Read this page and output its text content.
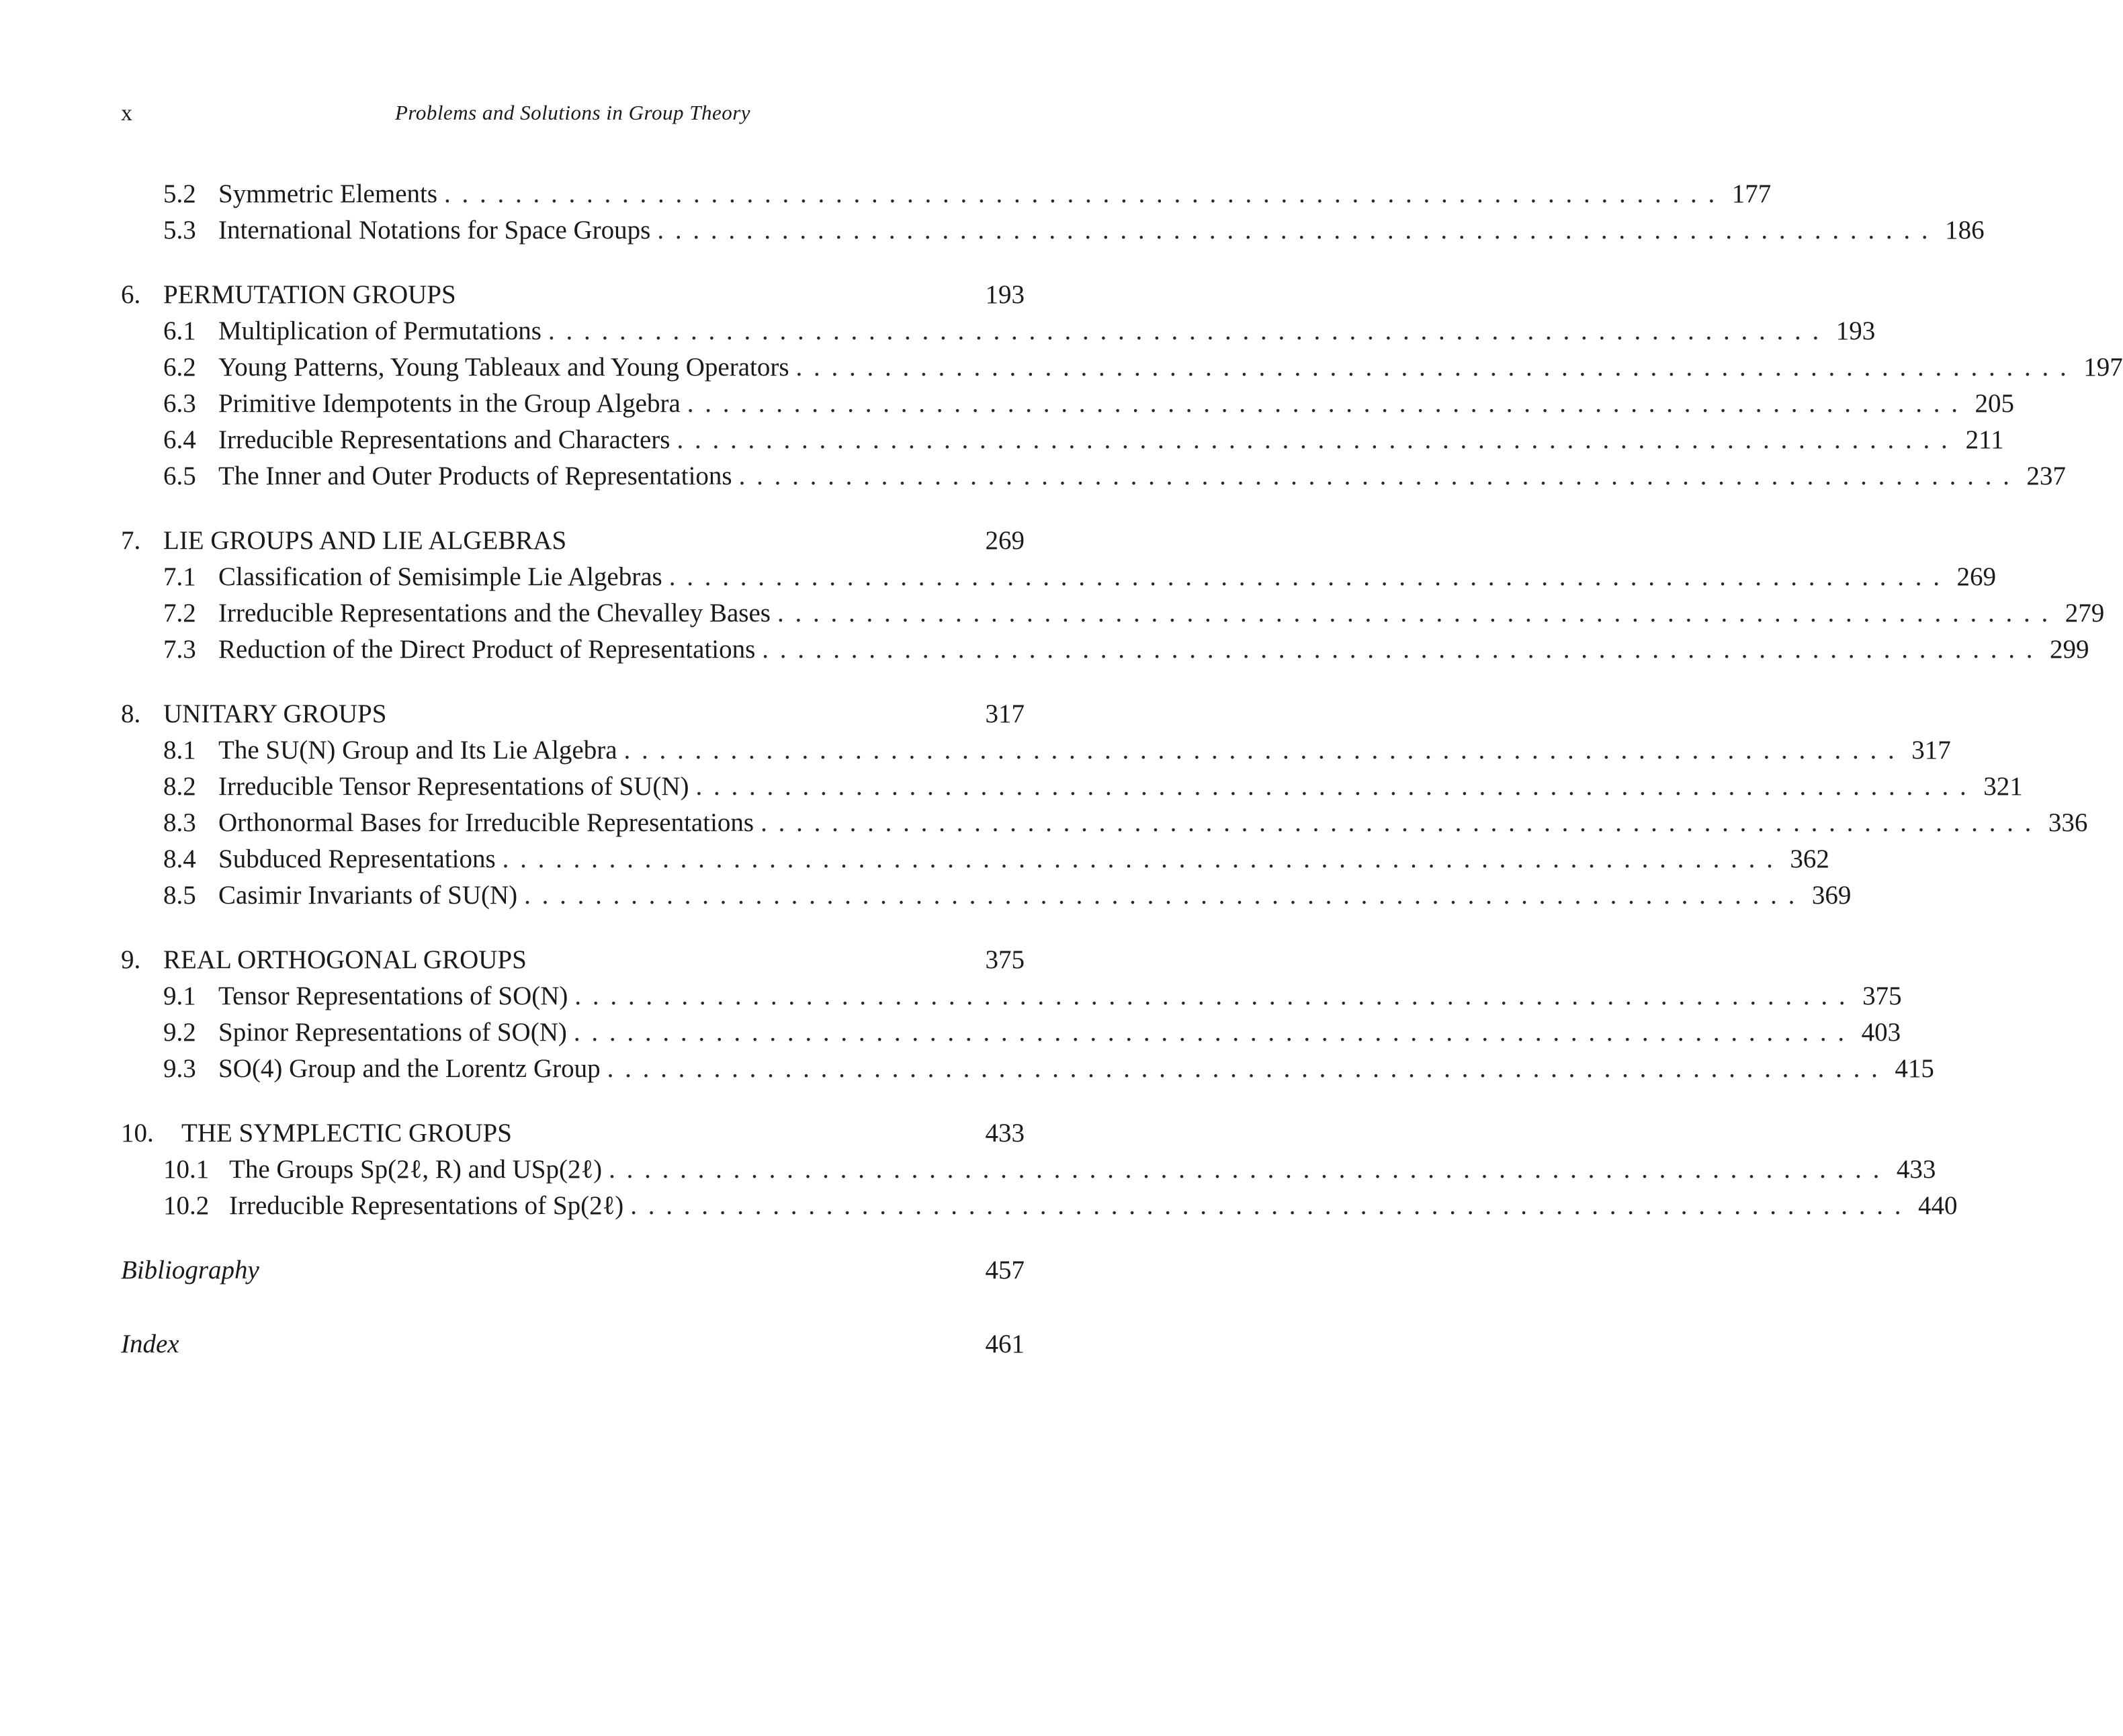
x	Problems and Solutions in Group Theory
5.2 Symmetric Elements . . .	177
5.3 International Notations for Space Groups . . .	186
6. PERMUTATION GROUPS	193
6.1 Multiplication of Permutations . . .	193
6.2 Young Patterns, Young Tableaux and Young Operators . . .	197
6.3 Primitive Idempotents in the Group Algebra . . .	205
6.4 Irreducible Representations and Characters . . .	211
6.5 The Inner and Outer Products of Representations . . .	237
7. LIE GROUPS AND LIE ALGEBRAS	269
7.1 Classification of Semisimple Lie Algebras . . .	269
7.2 Irreducible Representations and the Chevalley Bases . . .	279
7.3 Reduction of the Direct Product of Representations . . .	299
8. UNITARY GROUPS	317
8.1 The SU(N) Group and Its Lie Algebra . . .	317
8.2 Irreducible Tensor Representations of SU(N) . . .	321
8.3 Orthonormal Bases for Irreducible Representations . . .	336
8.4 Subduced Representations . . .	362
8.5 Casimir Invariants of SU(N) . . .	369
9. REAL ORTHOGONAL GROUPS	375
9.1 Tensor Representations of SO(N) . . .	375
9.2 Spinor Representations of SO(N) . . .	403
9.3 SO(4) Group and the Lorentz Group . . .	415
10.	THE SYMPLECTIC GROUPS	433
10.1 The Groups Sp(2ℓ, R) and USp(2ℓ) . . .	433
10.2 Irreducible Representations of Sp(2ℓ) . . .	440
Bibliography	457
Index	461
